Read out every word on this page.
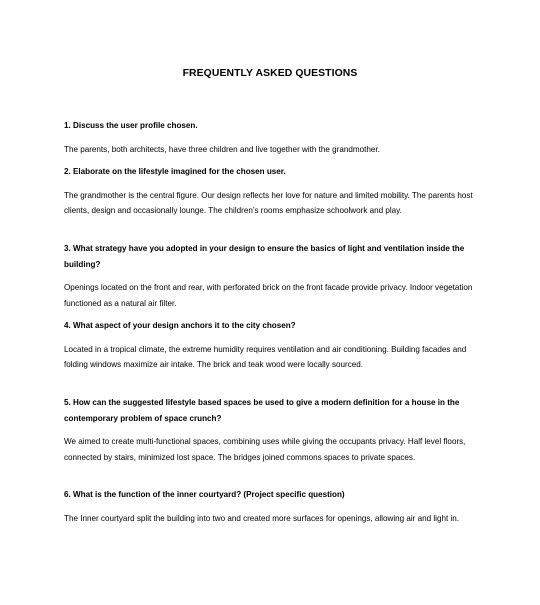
FREQUENTLY ASKED QUESTIONS

1. Discuss the user profile chosen.

The parents, both architects, have three children and live together with the grandmother.

2. Elaborate on the lifestyle imagined for the chosen user.

The grandmother is the central figure. Our design reflects her love for nature and limited mobility. The parents host clients, design and occasionally lounge. The children’s rooms emphasize schoolwork and play.

3. What strategy have you adopted in your design to ensure the basics of light and ventilation inside the building?

Openings located on the front and rear, with perforated brick on the front facade provide privacy. Indoor vegetation functioned as a natural air filter.

4. What aspect of your design anchors it to the city chosen?

Located in a tropical climate, the extreme humidity requires ventilation and air conditioning. Building facades and folding windows maximize air intake. The brick and teak wood were locally sourced.

5. How can the suggested lifestyle based spaces be used to give a modern definition for a house in the contemporary problem of space crunch?

We aimed to create multi-functional spaces, combining uses while giving the occupants privacy. Half level floors, connected by stairs, minimized lost space. The bridges joined commons spaces to private spaces.

6. What is the function of the inner courtyard? (Project specific question)

The Inner courtyard split the building into two and created more surfaces for openings, allowing air and light in.
